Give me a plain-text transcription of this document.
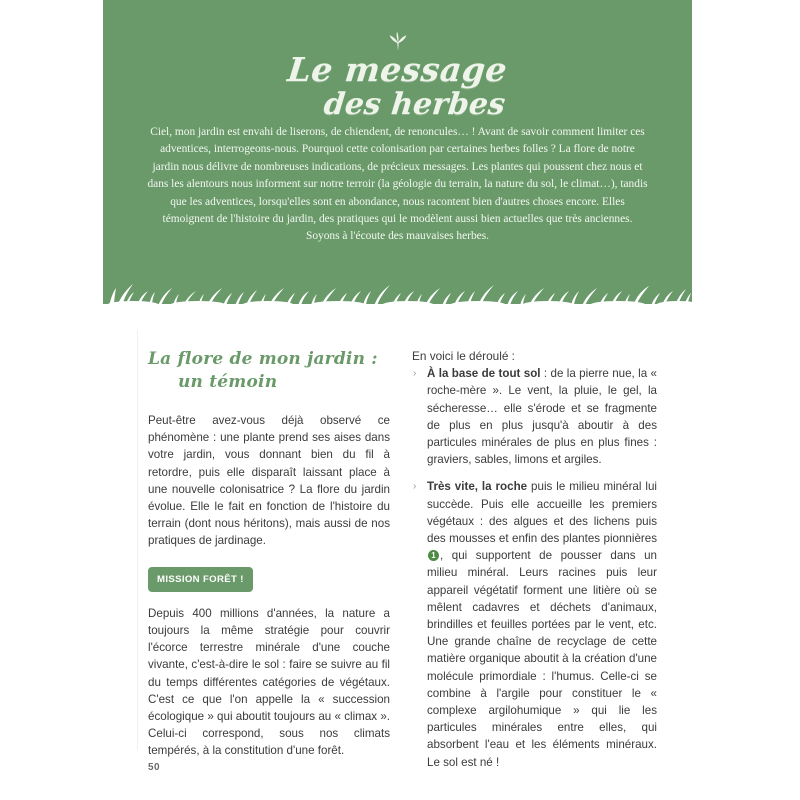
Le message
des herbes

Ciel, mon jardin est envahi de liserons, de chiendent, de renoncules… ! Avant de savoir comment limiter ces adventices, interrogeons-nous. Pourquoi cette colonisation par certaines herbes folles ? La flore de notre jardin nous délivre de nombreuses indications, de précieux messages. Les plantes qui poussent chez nous et dans les alentours nous informent sur notre terroir (la géologie du terrain, la nature du sol, le climat…), tandis que les adventices, lorsqu'elles sont en abondance, nous racontent bien d'autres choses encore. Elles témoignent de l'histoire du jardin, des pratiques qui le modèlent aussi bien actuelles que très anciennes. Soyons à l'écoute des mauvaises herbes.

La flore de mon jardin :
un témoin

Peut-être avez-vous déjà observé ce phénomène : une plante prend ses aises dans votre jardin, vous donnant bien du fil à retordre, puis elle disparaît laissant place à une nouvelle colonisatrice ? La flore du jardin évolue. Elle le fait en fonction de l'histoire du terrain (dont nous héritons), mais aussi de nos pratiques de jardinage.

MISSION FORÊT !

Depuis 400 millions d'années, la nature a toujours la même stratégie pour couvrir l'écorce terrestre minérale d'une couche vivante, c'est-à-dire le sol : faire se suivre au fil du temps différentes catégories de végétaux. C'est ce que l'on appelle la « succession écologique » qui aboutit toujours au « climax ». Celui-ci correspond, sous nos climats tempérés, à la constitution d'une forêt.

En voici le déroulé :

› À la base de tout sol : de la pierre nue, la « roche-mère ». Le vent, la pluie, le gel, la sécheresse… elle s'érode et se fragmente de plus en plus jusqu'à aboutir à des particules minérales de plus en plus fines : graviers, sables, limons et argiles.
› Très vite, la roche puis le milieu minéral lui succède. Puis elle accueille les premiers végétaux : des algues et des lichens puis des mousses et enfin des plantes pionnières 1 , qui supportent de pousser dans un milieu minéral. Leurs racines puis leur appareil végétatif forment une litière où se mêlent cadavres et déchets d'animaux, brindilles et feuilles portées par le vent, etc. Une grande chaîne de recyclage de cette matière organique aboutit à la création d'une molécule primordiale : l'humus. Celle-ci se combine à l'argile pour constituer le « complexe argilohumique » qui lie les particules minérales entre elles, qui absorbent l'eau et les éléments minéraux. Le sol est né !
50
